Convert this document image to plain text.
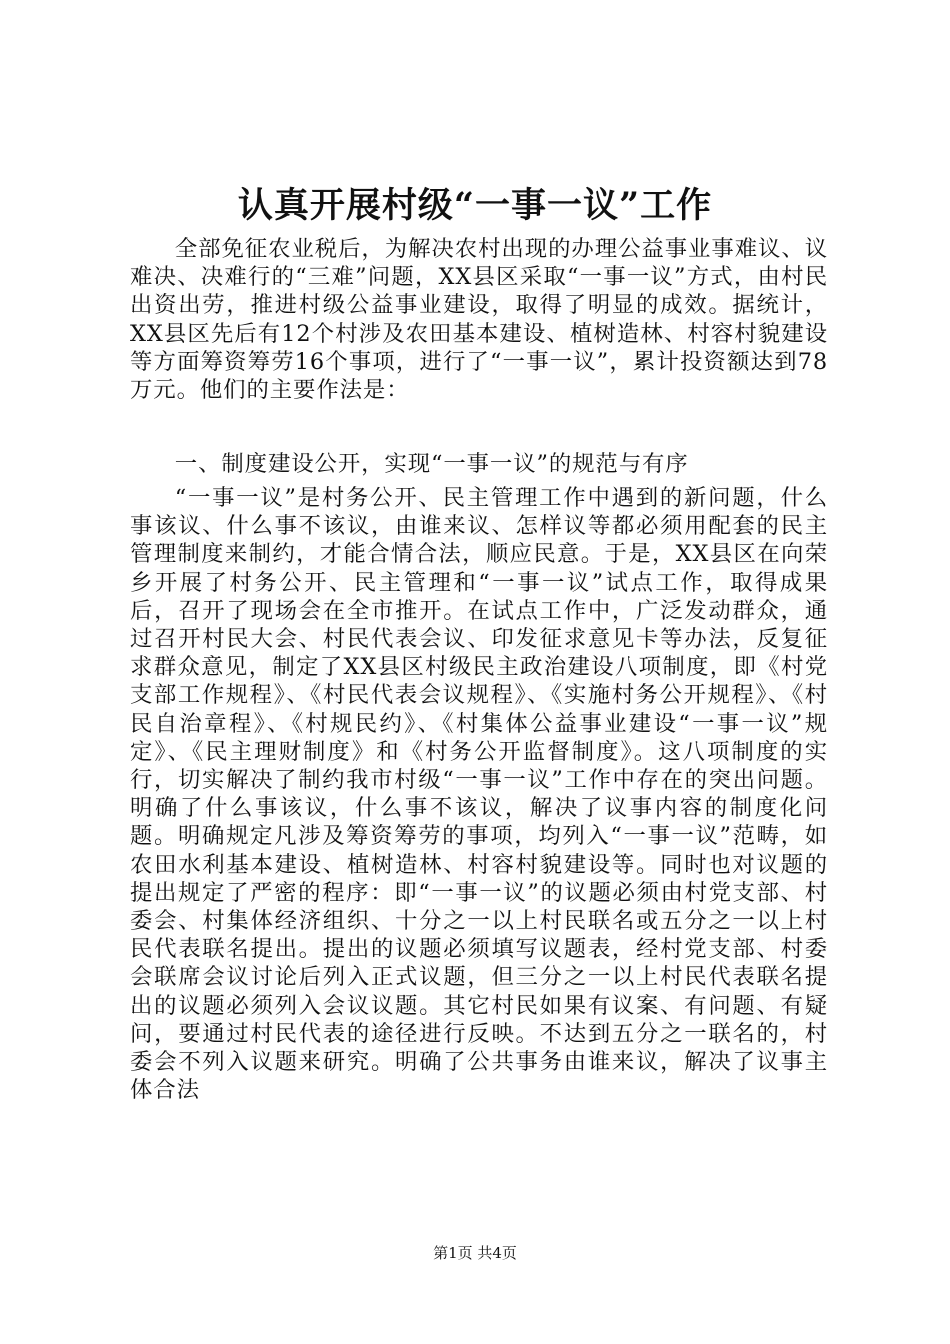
认真开展村级“一事一议”工作

全部免征农业税后，为解决农村出现的办理公益事业事难议、议难决、决难行的“三难”问题，XX县区采取“一事一议”方式，由村民出资出劳，推进村级公益事业建设，取得了明显的成效。据统计，XX县区先后有12个村涉及农田基本建设、植树造林、村容村貌建设等方面筹资筹劳16个事项，进行了“一事一议”，累计投资额达到78万元。他们的主要作法是：

一、制度建设公开，实现“一事一议”的规范与有序

“一事一议”是村务公开、民主管理工作中遇到的新问题，什么事该议、什么事不该议，由谁来议、怎样议等都必须用配套的民主管理制度来制约，才能合情合法，顺应民意。于是，XX县区在向荣乡开展了村务公开、民主管理和“一事一议”试点工作，取得成果后，召开了现场会在全市推开。在试点工作中，广泛发动群众，通过召开村民大会、村民代表会议、印发征求意见卡等办法，反复征求群众意见，制定了XX县区村级民主政治建设八项制度，即《村党支部工作规程》、《村民代表会议规程》、《实施村务公开规程》、《村民自治章程》、《村规民约》、《村集体公益事业建设“一事一议”规定》、《民主理财制度》和《村务公开监督制度》。这八项制度的实行，切实解决了制约我市村级“一事一议”工作中存在的突出问题。明确了什么事该议，什么事不该议，解决了议事内容的制度化问题。明确规定凡涉及筹资筹劳的事项，均列入“一事一议”范畴，如农田水利基本建设、植树造林、村容村貌建设等。同时也对议题的提出规定了严密的程序：即“一事一议”的议题必须由村党支部、村委会、村集体经济组织、十分之一以上村民联名或五分之一以上村民代表联名提出。提出的议题必须填写议题表，经村党支部、村委会联席会议讨论后列入正式议题，但三分之一以上村民代表联名提出的议题必须列入会议议题。其它村民如果有议案、有问题、有疑问，要通过村民代表的途径进行反映。不达到五分之一联名的，村委会不列入议题来研究。明确了公共事务由谁来议，解决了议事主体合法

第1页 共4页
